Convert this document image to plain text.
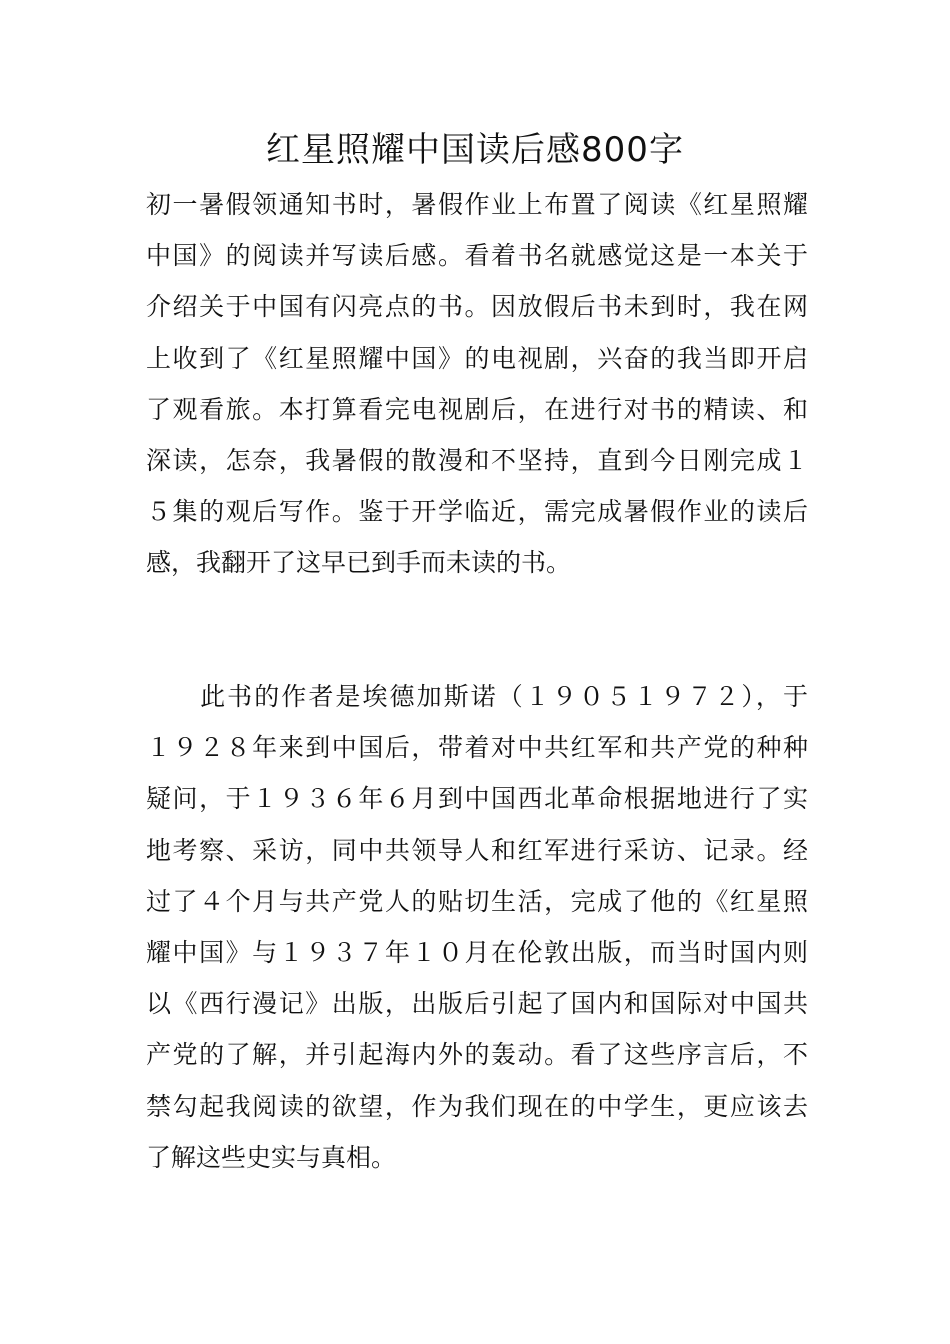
红星照耀中国读后感800字
初一暑假领通知书时，暑假作业上布置了阅读《红星照耀
中国》的阅读并写读后感。看着书名就感觉这是一本关于
介绍关于中国有闪亮点的书。因放假后书未到时，我在网
上收到了《红星照耀中国》的电视剧，兴奋的我当即开启
了观看旅。本打算看完电视剧后，在进行对书的精读、和
深读，怎奈，我暑假的散漫和不坚持，直到今日刚完成１
５集的观后写作。鉴于开学临近，需完成暑假作业的读后
感，我翻开了这早已到手而未读的书。
　　此书的作者是埃德加斯诺（１９０５１９７２），于
１９２８年来到中国后，带着对中共红军和共产党的种种
疑问，于１９３６年６月到中国西北革命根据地进行了实
地考察、采访，同中共领导人和红军进行采访、记录。经
过了４个月与共产党人的贴切生活，完成了他的《红星照
耀中国》与１９３７年１０月在伦敦出版，而当时国内则
以《西行漫记》出版，出版后引起了国内和国际对中国共
产党的了解，并引起海内外的轰动。看了这些序言后，不
禁勾起我阅读的欲望，作为我们现在的中学生，更应该去
了解这些史实与真相。
